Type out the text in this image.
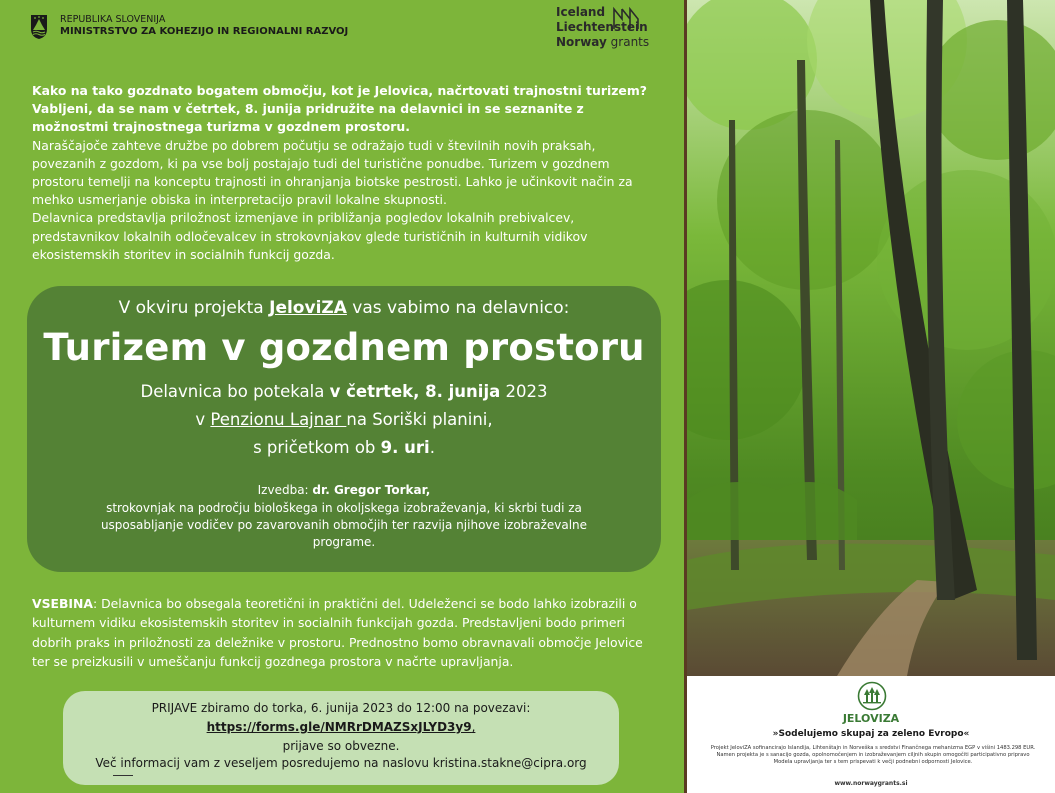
REPUBLIKA SLOVENIJA
MINISTRSTVO ZA KOHEZIJO IN REGIONALNI RAZVOJ
Iceland
Liechtenstein
Norway grants
Kako na tako gozdnato bogatem območju, kot je Jelovica, načrtovati trajnostni turizem? Vabljeni, da se nam v četrtek, 8. junija pridružite na delavnici in se seznanite z možnostmi trajnostnega turizma v gozdnem prostoru.
Naraščajoče zahteve družbe po dobrem počutju se odražajo tudi v številnih novih praksah, povezanih z gozdom, ki pa vse bolj postajajo tudi del turistične ponudbe. Turizem v gozdnem prostoru temelji na konceptu trajnosti in ohranjanja biotske pestrosti. Lahko je učinkovit način za mehko usmerjanje obiska in interpretacijo pravil lokalne skupnosti.
Delavnica predstavlja priložnost izmenjave in približanja pogledov lokalnih prebivalcev, predstavnikov lokalnih odločevalcev in strokovnjakov glede turističnih in kulturnih vidikov ekosistemskih storitev in socialnih funkcij gozda.
V okviru projekta JeloviZA vas vabimo na delavnico:
Turizem v gozdnem prostoru
Delavnica bo potekala v četrtek, 8. junija 2023
v Penzionu Lajnar na Soriški planini,
s pričetkom ob 9. uri.
Izvedba: dr. Gregor Torkar,
strokovnjak na področju biološkega in okoljskega izobraževanja, ki skrbi tudi za usposabljanje vodičev po zavarovanih območjih ter razvija njihove izobraževalne programe.
VSEBINA: Delavnica bo obsegala teoretični in praktični del. Udeleženci se bodo lahko izobrazili o kulturnem vidiku ekosistemskih storitev in socialnih funkcijah gozda. Predstavljeni bodo primeri dobrih praks in priložnosti za deležnike v prostoru. Prednostno bomo obravnavali območje Jelovice ter se preizkusili v umeščanju funkcij gozdnega prostora v načrte upravljanja.
PRIJAVE zbiramo do torka, 6. junija 2023 do 12:00 na povezavi:
https://forms.gle/NMRrDMAZSxJLYD3y9,
prijave so obvezne.
Več informacij vam z veseljem posredujemo na naslovu kristina.stakne@cipra.org
JELOVIZA
»Sodelujemo skupaj za zeleno Evropo«
Projekt JeloviZA sofinancirajo Islandija, Lihtenštajn in Norveška s sredstvi Finančnega mehanizma EGP v višini 1483.298 EUR. Namen projekta je s sanacijo gozda, opolnomočenjem in izobraževanjem ciljnih skupin omogočiti participativno pripravo Modela upravljanja ter s tem prispevati k večji podnebni odpornosti Jelovice.
www.norwaygrants.si
